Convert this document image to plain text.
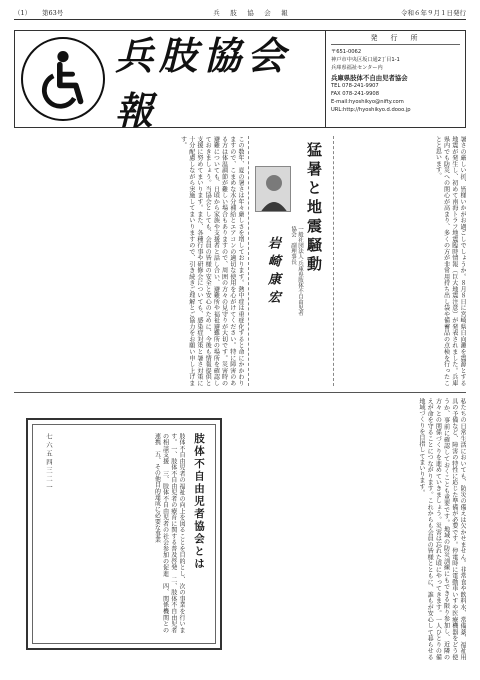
（1）	第63号	兵　肢　協　会　報	令和６年９月１日発行
兵肢協会報
発　行　所
〒651-0062
神戸市中央区坂口通2丁目1-1
兵庫県福祉センター内
兵庫県肢体不自由児者協会
TEL 078-241-9907
FAX 078-241-9908
E-mail:hyoshikyo@nifty.com
URL:http://hyoshikyo.d.dooo.jp
暑さの厳しい折、皆様いかがお過ごしでしょうか。８月８日に宮崎県日向灘を震源とする地震が発生し、初めて南海トラフ地震臨時情報（巨大地震注意）が発表されました。兵庫県内でも防災への関心が高まり、多くの方が非常用持ち出し袋や備蓄品の点検を行ったことと思います。
猛暑と地震騒動
一般社団法人 兵庫県肢体不自由児者協会　副理事長
岩崎康宏
この数年、夏の暑さは年々厳しさを増しております。熱中症は重症化すると命にかかわりますので、こまめな水分補給とエアコンの適切な使用を心がけてください。特に障害のある方は体温調節が難しい場合もありますので、周囲の方々の見守りが大切です。災害時の避難についても、日頃から家族や支援者と話し合い、避難所や福祉避難所の場所を確認しておきましょう。当協会としても、会員の皆様の安全と安心のために、今後も情報提供と支援に努めてまいります。また、各種行事や研修会についても、感染症対策と暑さ対策に十分配慮しながら実施してまいりますので、引き続きご理解とご協力をお願い申し上げます。
私たちの日常生活においても、防災の備えは欠かせません。非常食や飲料水、常備薬、福祉用具の予備など、障害の特性に応じた準備が必要です。停電時に電動車いすや医療機器をどう使うか、事前に確認しておくことも重要です。地域の防災訓練にもできる限り参加し、近隣の方々との関係づくりを進めていきましょう。災害は忘れた頃にやってきます。一人ひとりの備えが命を守ることにつながります。これからも会員の皆様とともに、誰もが安心して暮らせる地域づくりを目指してまいります。
肢体不自由児者協会とは
肢体不自由児者の福祉の向上を図ることを目的とし、次の事業を行います。一、肢体不自由児者の療育に関する普及啓発　二、肢体不自由児者の相談支援　三、肢体不自由児者の社会参加の促進　四、関係機関との連携　五、その他目的達成に必要な事業
七六五四三二一
